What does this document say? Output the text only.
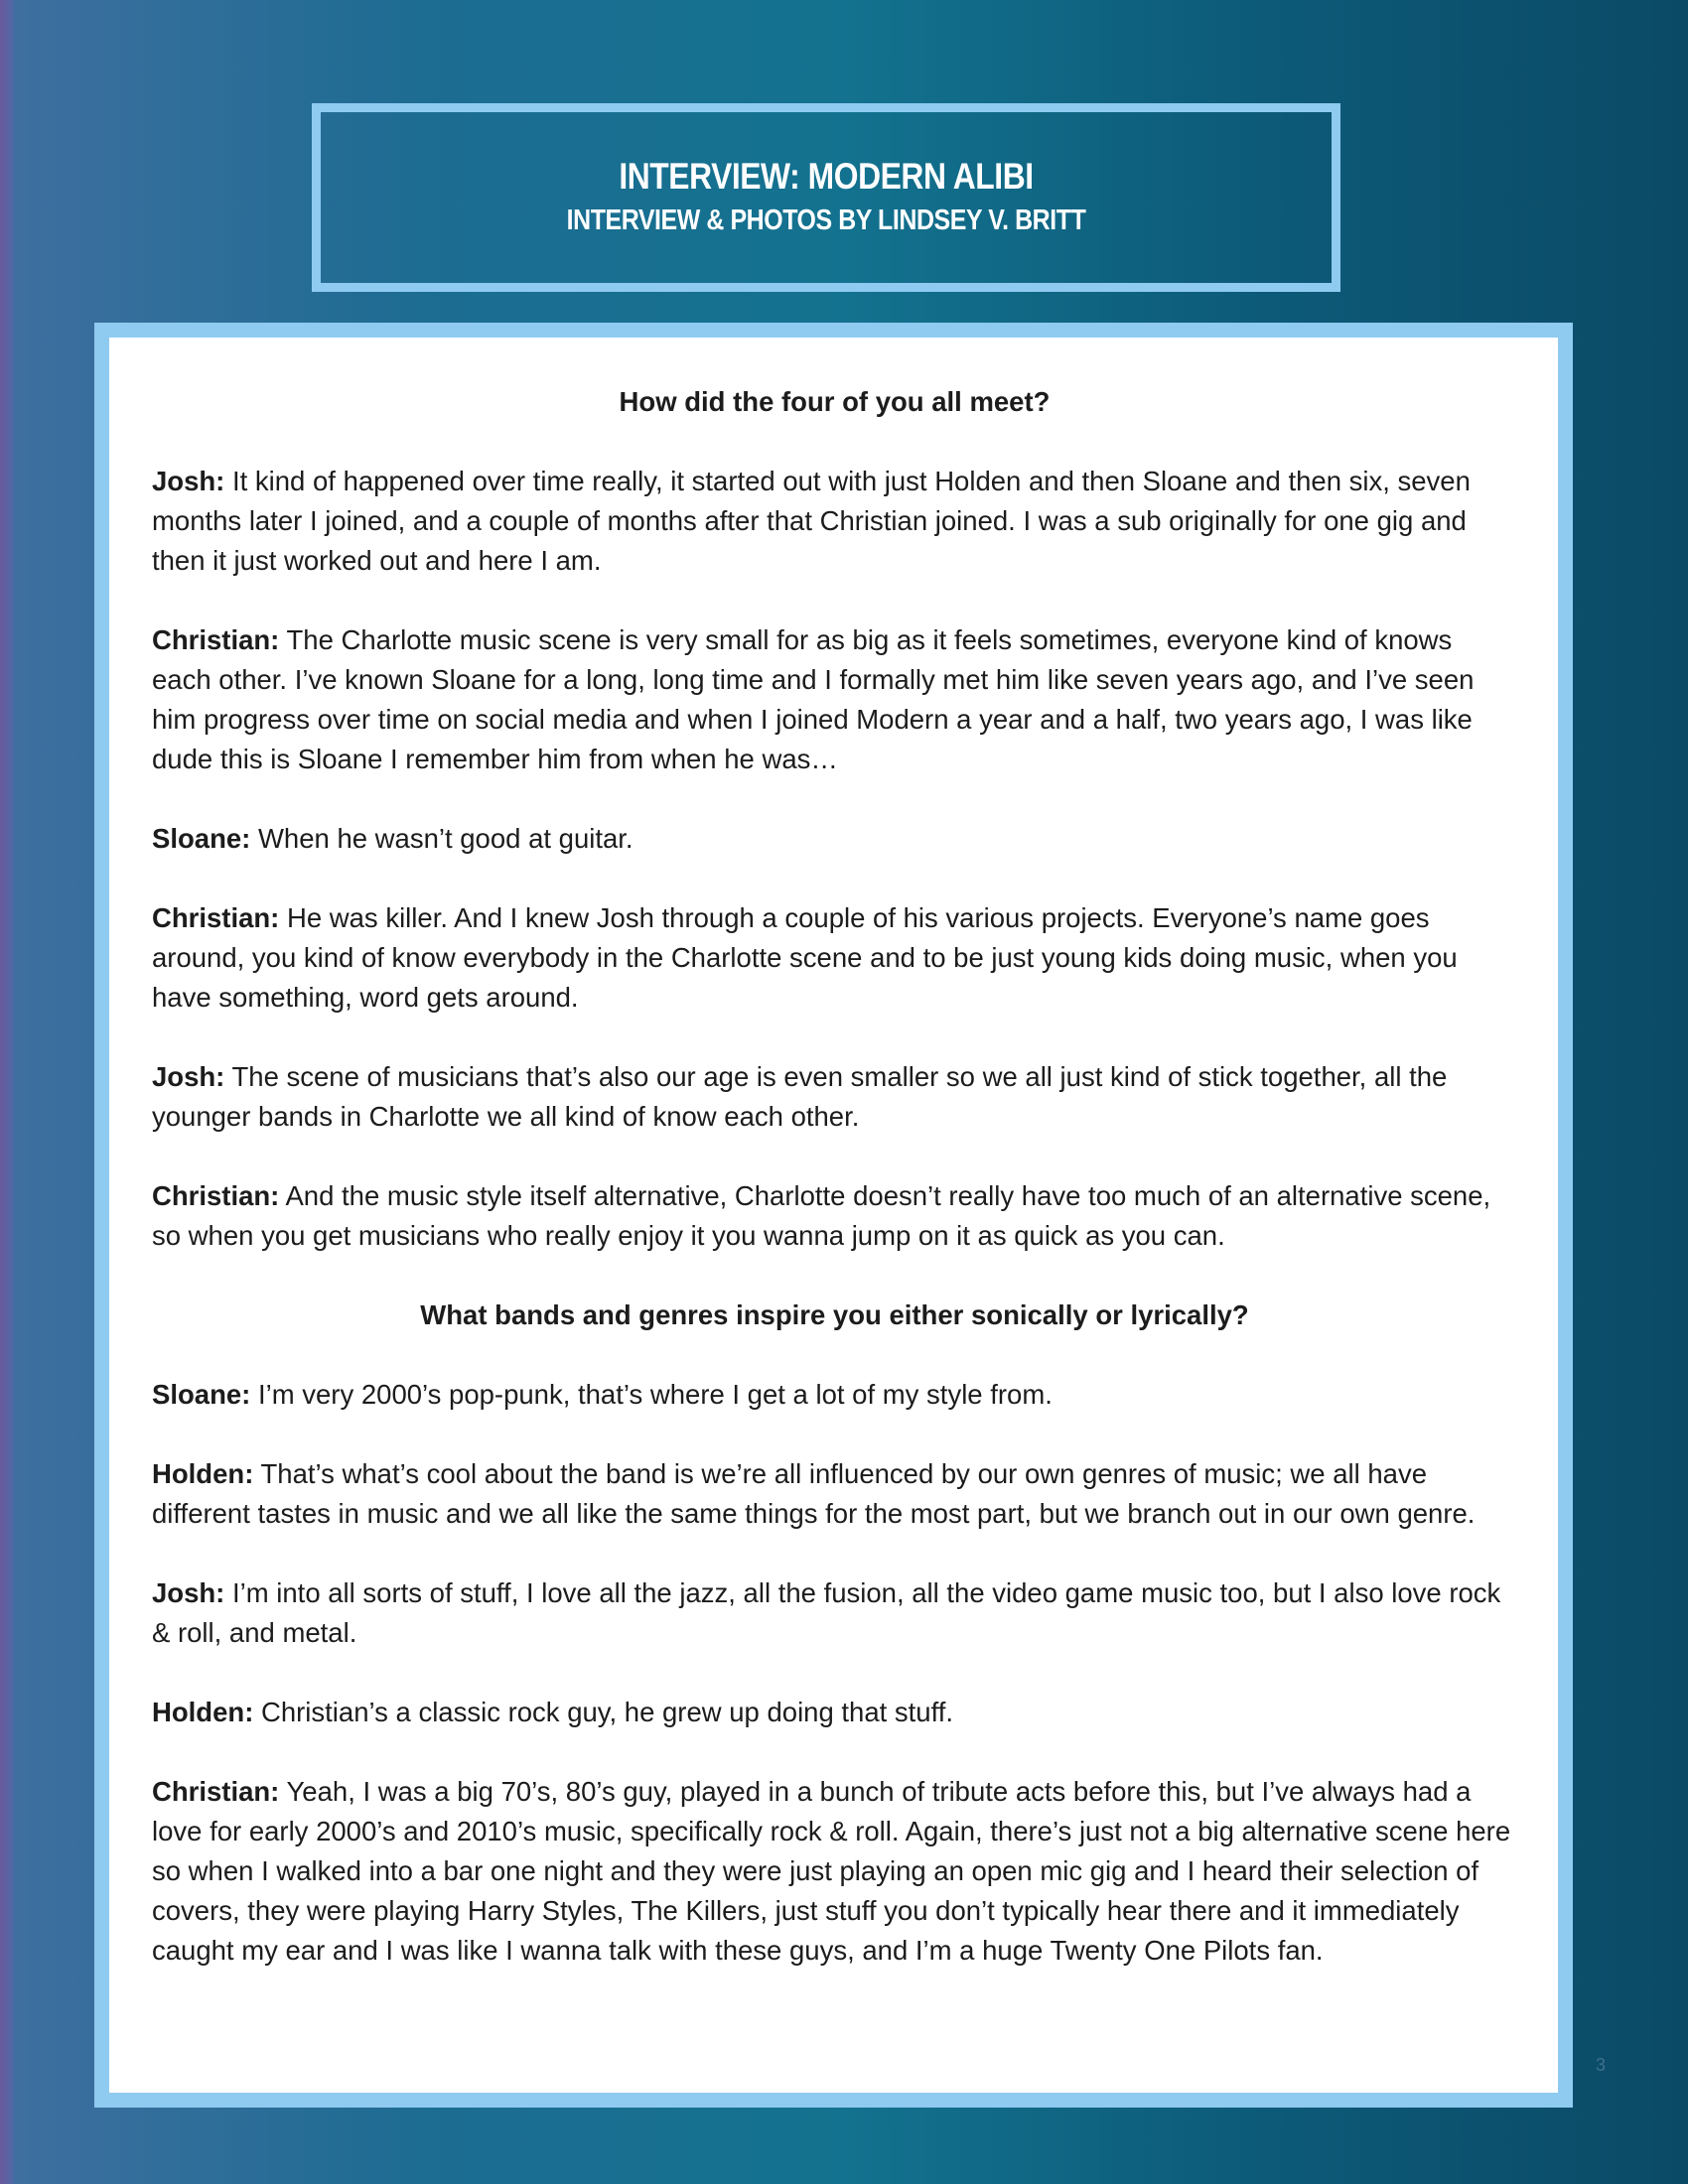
INTERVIEW: MODERN ALIBI
INTERVIEW & PHOTOS BY LINDSEY V. BRITT

How did the four of you all meet?

Josh: It kind of happened over time really, it started out with just Holden and then Sloane and then six, seven months later I joined, and a couple of months after that Christian joined. I was a sub originally for one gig and then it just worked out and here I am.

Christian: The Charlotte music scene is very small for as big as it feels sometimes, everyone kind of knows each other. I’ve known Sloane for a long, long time and I formally met him like seven years ago, and I’ve seen him progress over time on social media and when I joined Modern a year and a half, two years ago, I was like dude this is Sloane I remember him from when he was…

Sloane: When he wasn’t good at guitar.

Christian: He was killer. And I knew Josh through a couple of his various projects. Everyone’s name goes around, you kind of know everybody in the Charlotte scene and to be just young kids doing music, when you have something, word gets around.

Josh: The scene of musicians that’s also our age is even smaller so we all just kind of stick together, all the younger bands in Charlotte we all kind of know each other.

Christian: And the music style itself alternative, Charlotte doesn’t really have too much of an alternative scene, so when you get musicians who really enjoy it you wanna jump on it as quick as you can.

What bands and genres inspire you either sonically or lyrically?

Sloane: I’m very 2000’s pop-punk, that’s where I get a lot of my style from.

Holden: That’s what’s cool about the band is we’re all influenced by our own genres of music; we all have different tastes in music and we all like the same things for the most part, but we branch out in our own genre.

Josh: I’m into all sorts of stuff, I love all the jazz, all the fusion, all the video game music too, but I also love rock & roll, and metal.

Holden: Christian’s a classic rock guy, he grew up doing that stuff.

Christian: Yeah, I was a big 70’s, 80’s guy, played in a bunch of tribute acts before this, but I’ve always had a love for early 2000’s and 2010’s music, specifically rock & roll. Again, there’s just not a big alternative scene here so when I walked into a bar one night and they were just playing an open mic gig and I heard their selection of covers, they were playing Harry Styles, The Killers, just stuff you don’t typically hear there and it immediately caught my ear and I was like I wanna talk with these guys, and I’m a huge Twenty One Pilots fan.

3
